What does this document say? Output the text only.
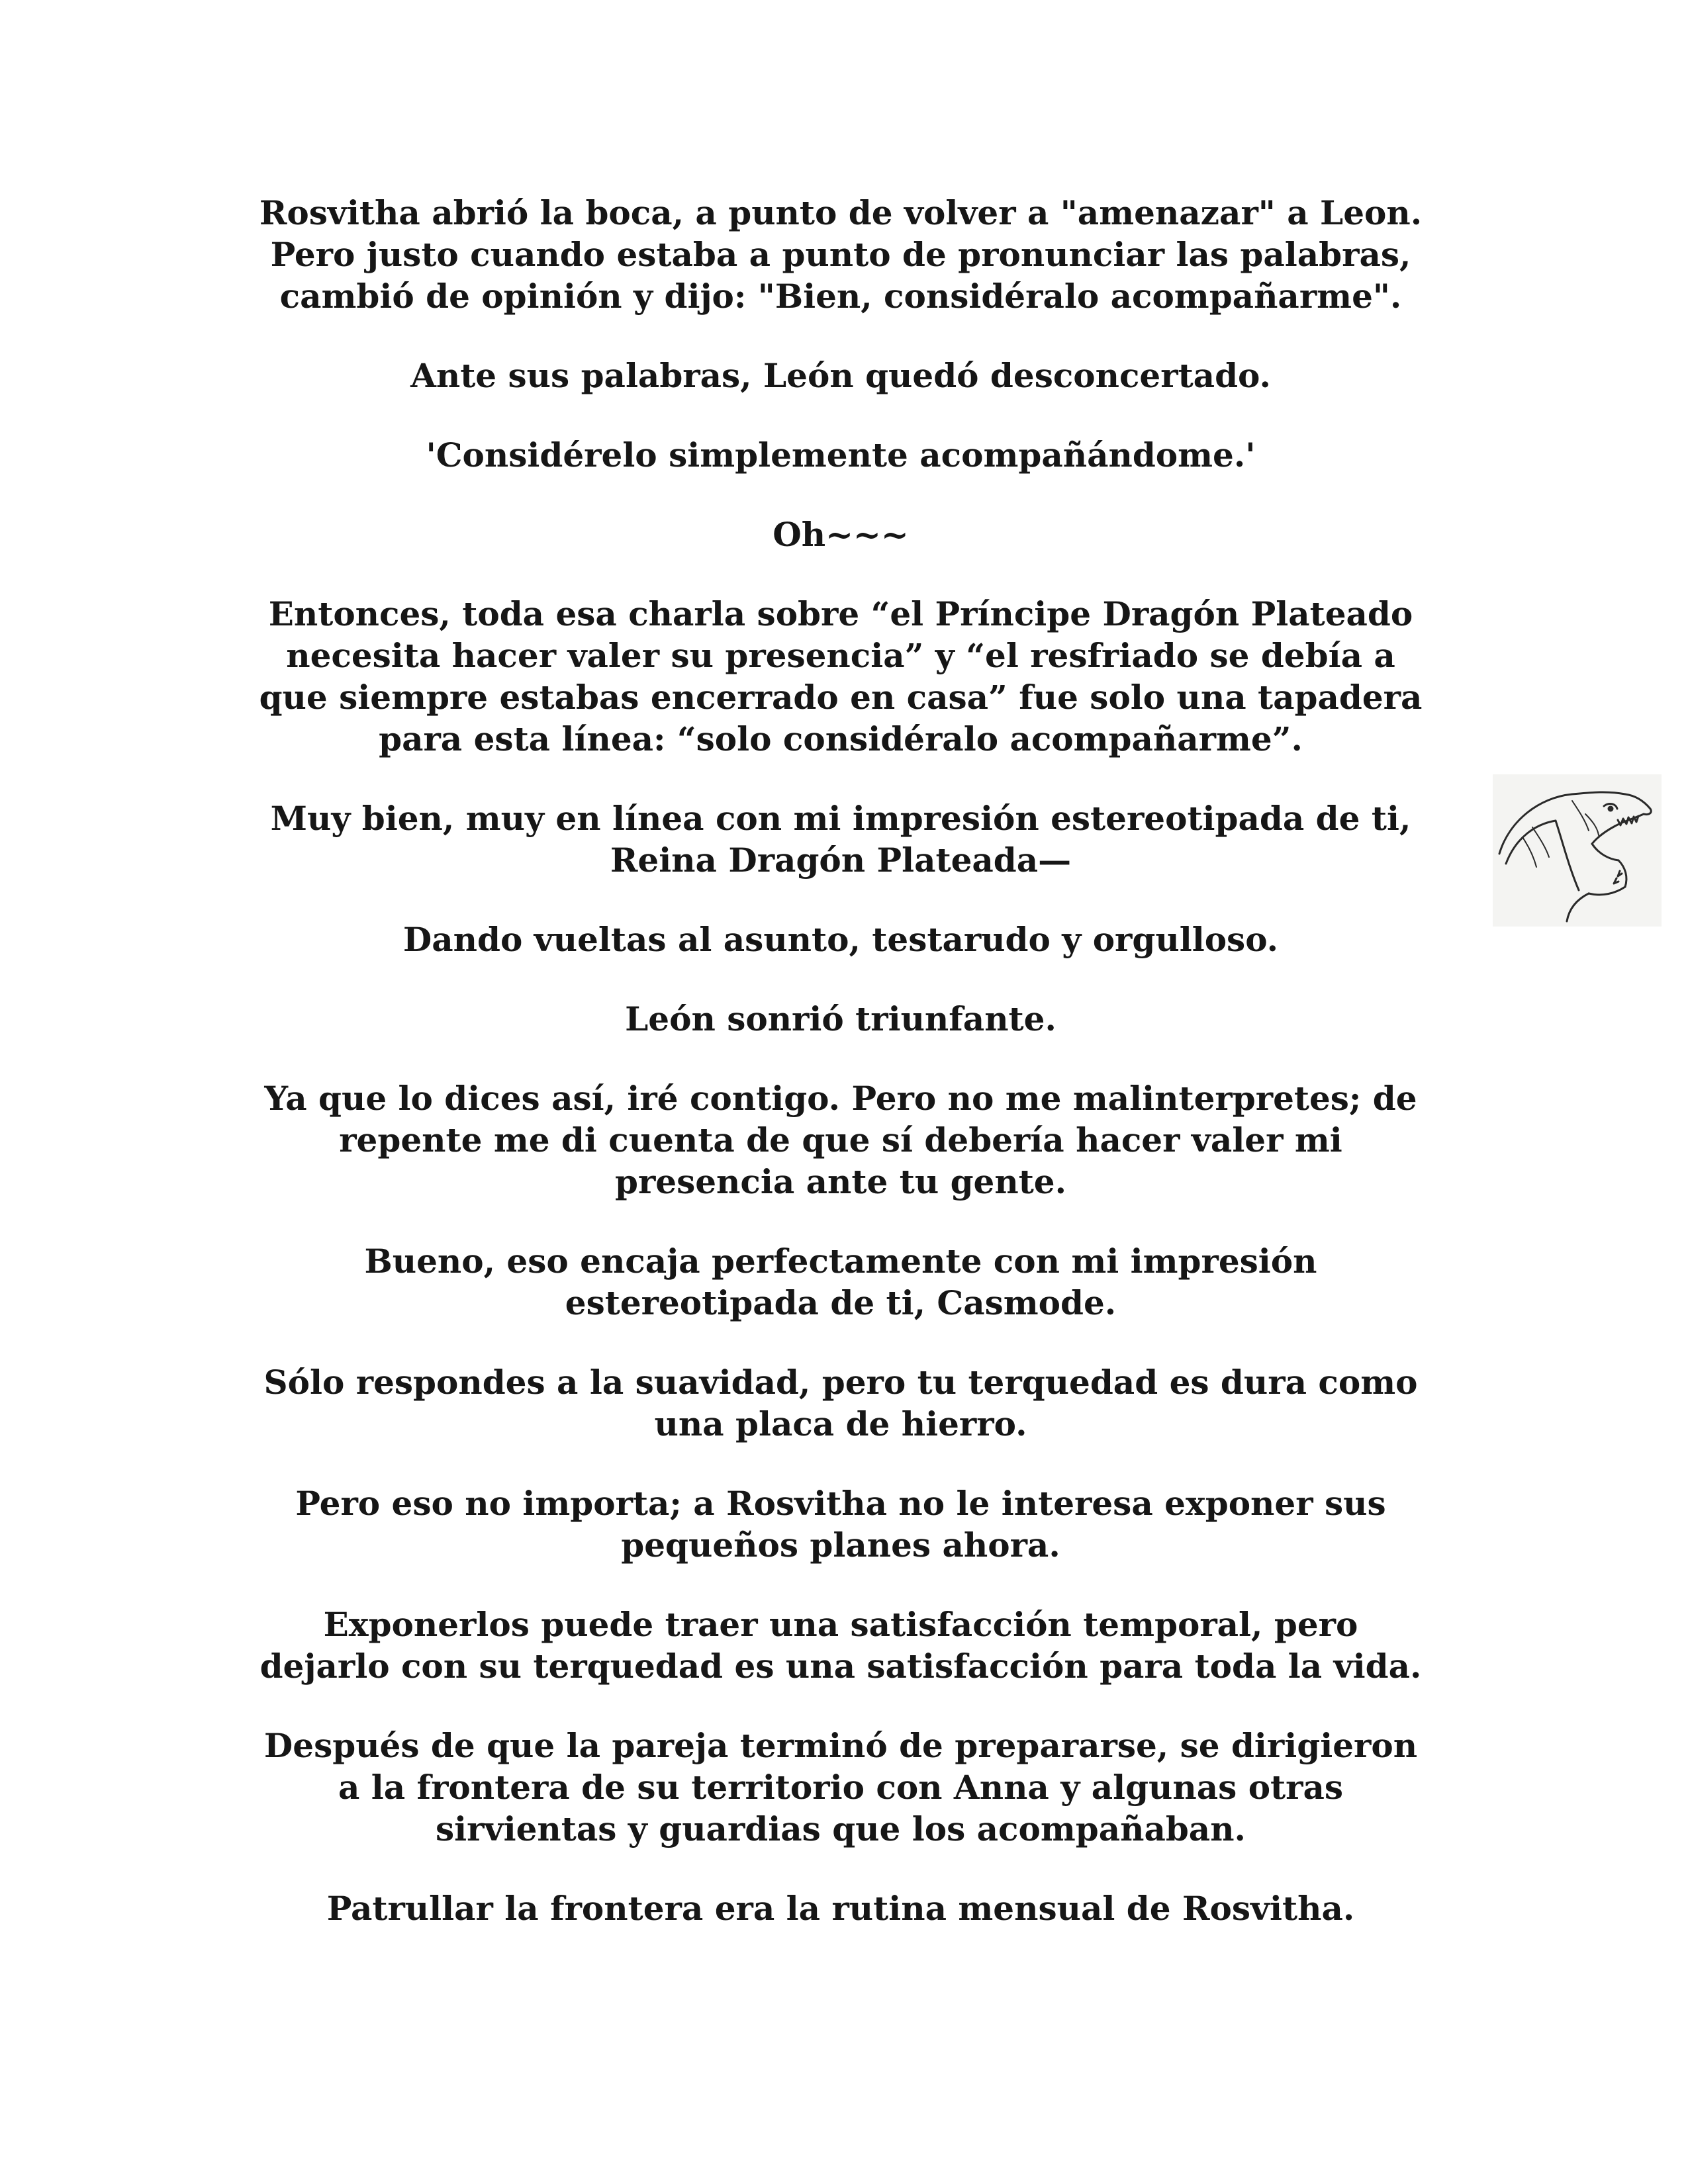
Rosvitha abrió la boca, a punto de volver a "amenazar" a Leon.
Pero justo cuando estaba a punto de pronunciar las palabras,
cambió de opinión y dijo: "Bien, considéralo acompañarme".

Ante sus palabras, León quedó desconcertado.

'Considérelo simplemente acompañándome.'

Oh~~~

Entonces, toda esa charla sobre “el Príncipe Dragón Plateado
necesita hacer valer su presencia” y “el resfriado se debía a
que siempre estabas encerrado en casa” fue solo una tapadera
para esta línea: “solo considéralo acompañarme”.

Muy bien, muy en línea con mi impresión estereotipada de ti,
Reina Dragón Plateada—

Dando vueltas al asunto, testarudo y orgulloso.

León sonrió triunfante.

Ya que lo dices así, iré contigo. Pero no me malinterpretes; de
repente me di cuenta de que sí debería hacer valer mi
presencia ante tu gente.

Bueno, eso encaja perfectamente con mi impresión
estereotipada de ti, Casmode.

Sólo respondes a la suavidad, pero tu terquedad es dura como
una placa de hierro.

Pero eso no importa; a Rosvitha no le interesa exponer sus
pequeños planes ahora.

Exponerlos puede traer una satisfacción temporal, pero
dejarlo con su terquedad es una satisfacción para toda la vida.

Después de que la pareja terminó de prepararse, se dirigieron
a la frontera de su territorio con Anna y algunas otras
sirvientas y guardias que los acompañaban.

Patrullar la frontera era la rutina mensual de Rosvitha.
